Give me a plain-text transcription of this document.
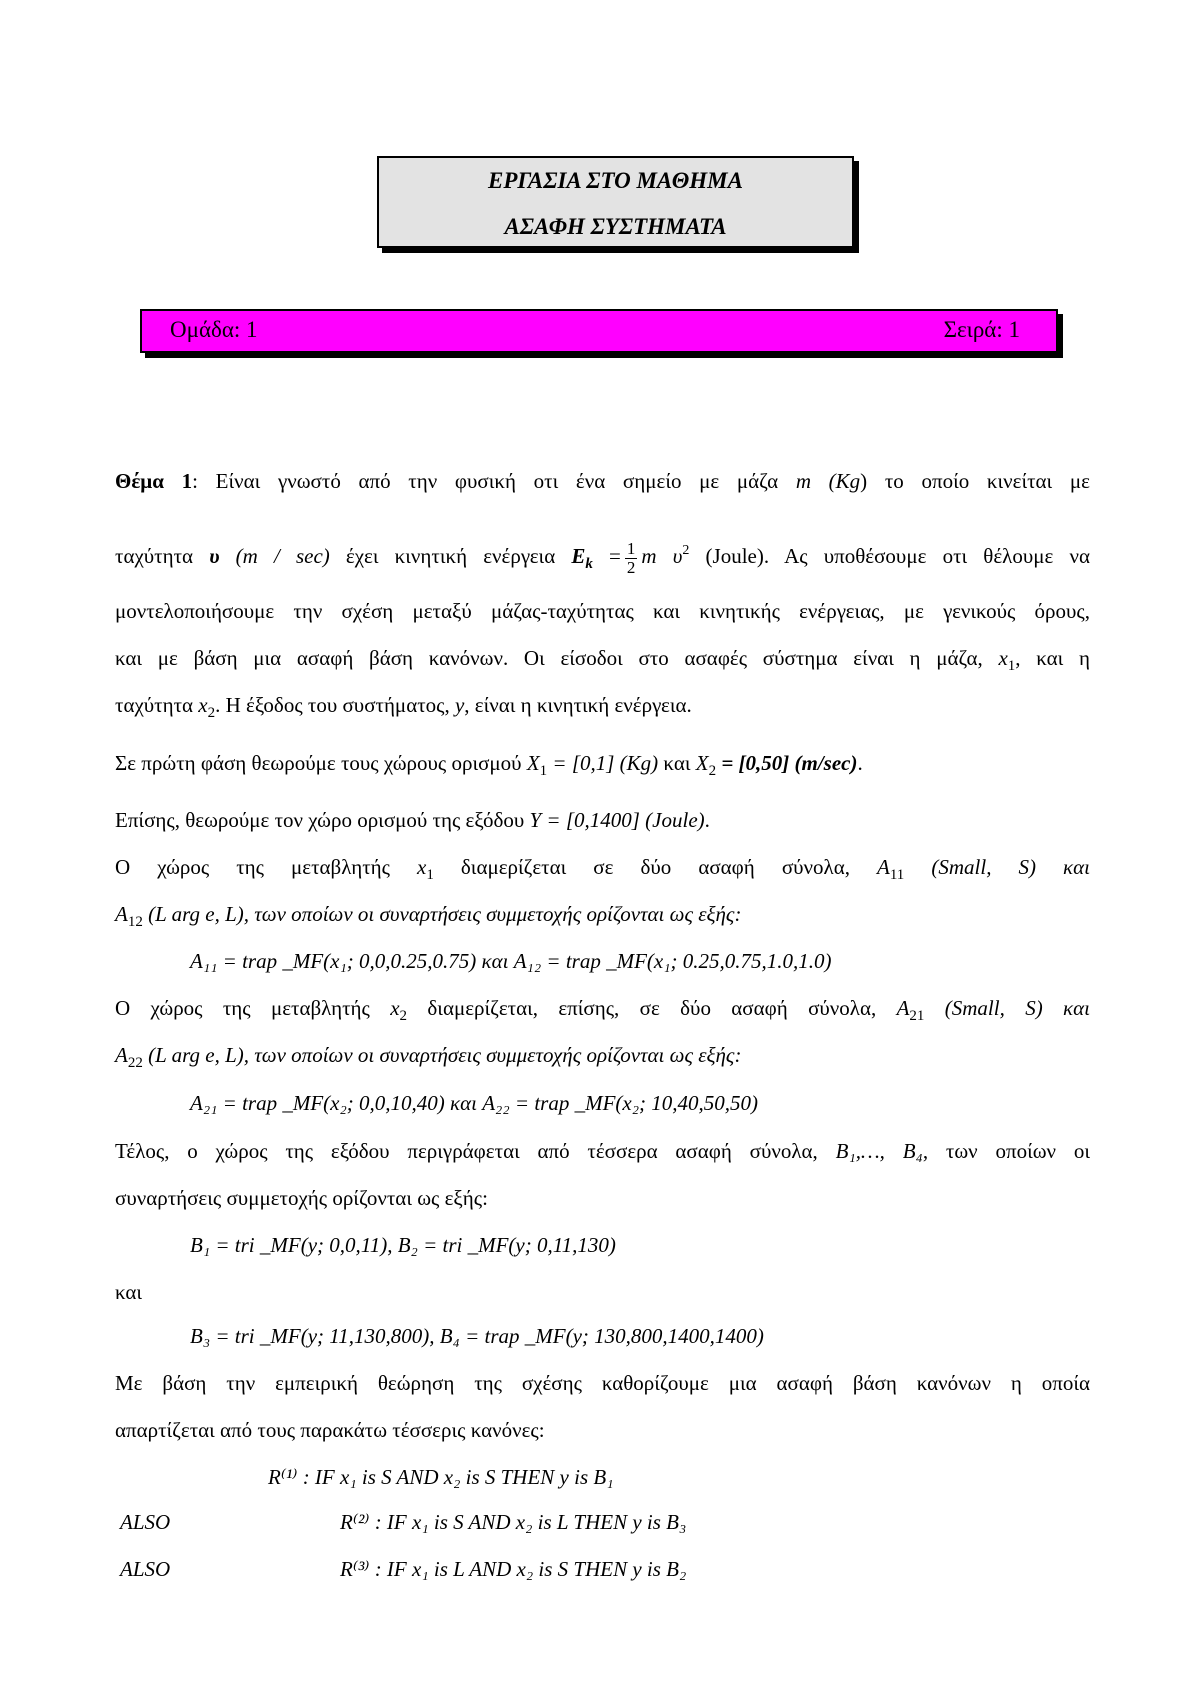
ΕΡΓΑΣΙΑ ΣΤΟ ΜΑΘΗΜΑ
ΑΣΑΦΗ ΣΥΣΤΗΜΑΤΑ
Ομάδα: 1	Σειρά: 1
Θέμα 1: Είναι γνωστό από την φυσική οτι ένα σημείο με μάζα m (Kg) το οποίο κινείται με
ταχύτητα υ (m / sec) έχει κινητική ενέργεια $E_k = \frac{1}{2}$ m $\upsilon^2$ (Joule). Ας υποθέσουμε οτι θέλουμε να
μοντελοποιήσουμε την σχέση μεταξύ μάζας-ταχύτητας και κινητικής ενέργειας, με γενικούς όρους,
και με βάση μια ασαφή βάση κανόνων. Οι είσοδοι στο ασαφές σύστημα είναι η μάζα, $x_1$, και η
ταχύτητα $x_2$. Η έξοδος του συστήματος, y, είναι η κινητική ενέργεια.
Σε πρώτη φάση θεωρούμε τους χώρους ορισμού $X_1 = [0,1]$ (Kg) και $X_2 = [0,50]$ (m/sec).
Επίσης, θεωρούμε τον χώρο ορισμού της εξόδου Y = [0,1400] (Joule).
Ο χώρος της μεταβλητής $x_1$ διαμερίζεται σε δύο ασαφή σύνολα, $A_{11}$ (Small, S) και
$A_{12}$ (L arg e, L), των οποίων οι συναρτήσεις συμμετοχής ορίζονται ως εξής:
A₁₁ = trap _MF(x₁; 0,0,0.25,0.75) και A₁₂ = trap _MF(x₁; 0.25,0.75,1.0,1.0)
Ο χώρος της μεταβλητής $x_2$ διαμερίζεται, επίσης, σε δύο ασαφή σύνολα, $A_{21}$ (Small, S) και
$A_{22}$ (L arg e, L), των οποίων οι συναρτήσεις συμμετοχής ορίζονται ως εξής:
A₂₁ = trap _MF(x₂; 0,0,10,40) και A₂₂ = trap _MF(x₂; 10,40,50,50)
Τέλος, ο χώρος της εξόδου περιγράφεται από τέσσερα ασαφή σύνολα, B₁,…, B₄, των οποίων οι
συναρτήσεις συμμετοχής ορίζονται ως εξής:
B₁ = tri _MF(y; 0,0,11), B₂ = tri _MF(y; 0,11,130)
και
B₃ = tri _MF(y; 11,130,800), B₄ = trap _MF(y; 130,800,1400,1400)
Με βάση την εμπειρική θεώρηση της σχέσης καθορίζουμε μια ασαφή βάση κανόνων η οποία
απαρτίζεται από τους παρακάτω τέσσερις κανόνες:
R⁽¹⁾ : IF x₁ is S AND x₂ is S THEN y is B₁
ALSO	R⁽²⁾ : IF x₁ is S AND x₂ is L THEN y is B₃
ALSO	R⁽³⁾ : IF x₁ is L AND x₂ is S THEN y is B₂
